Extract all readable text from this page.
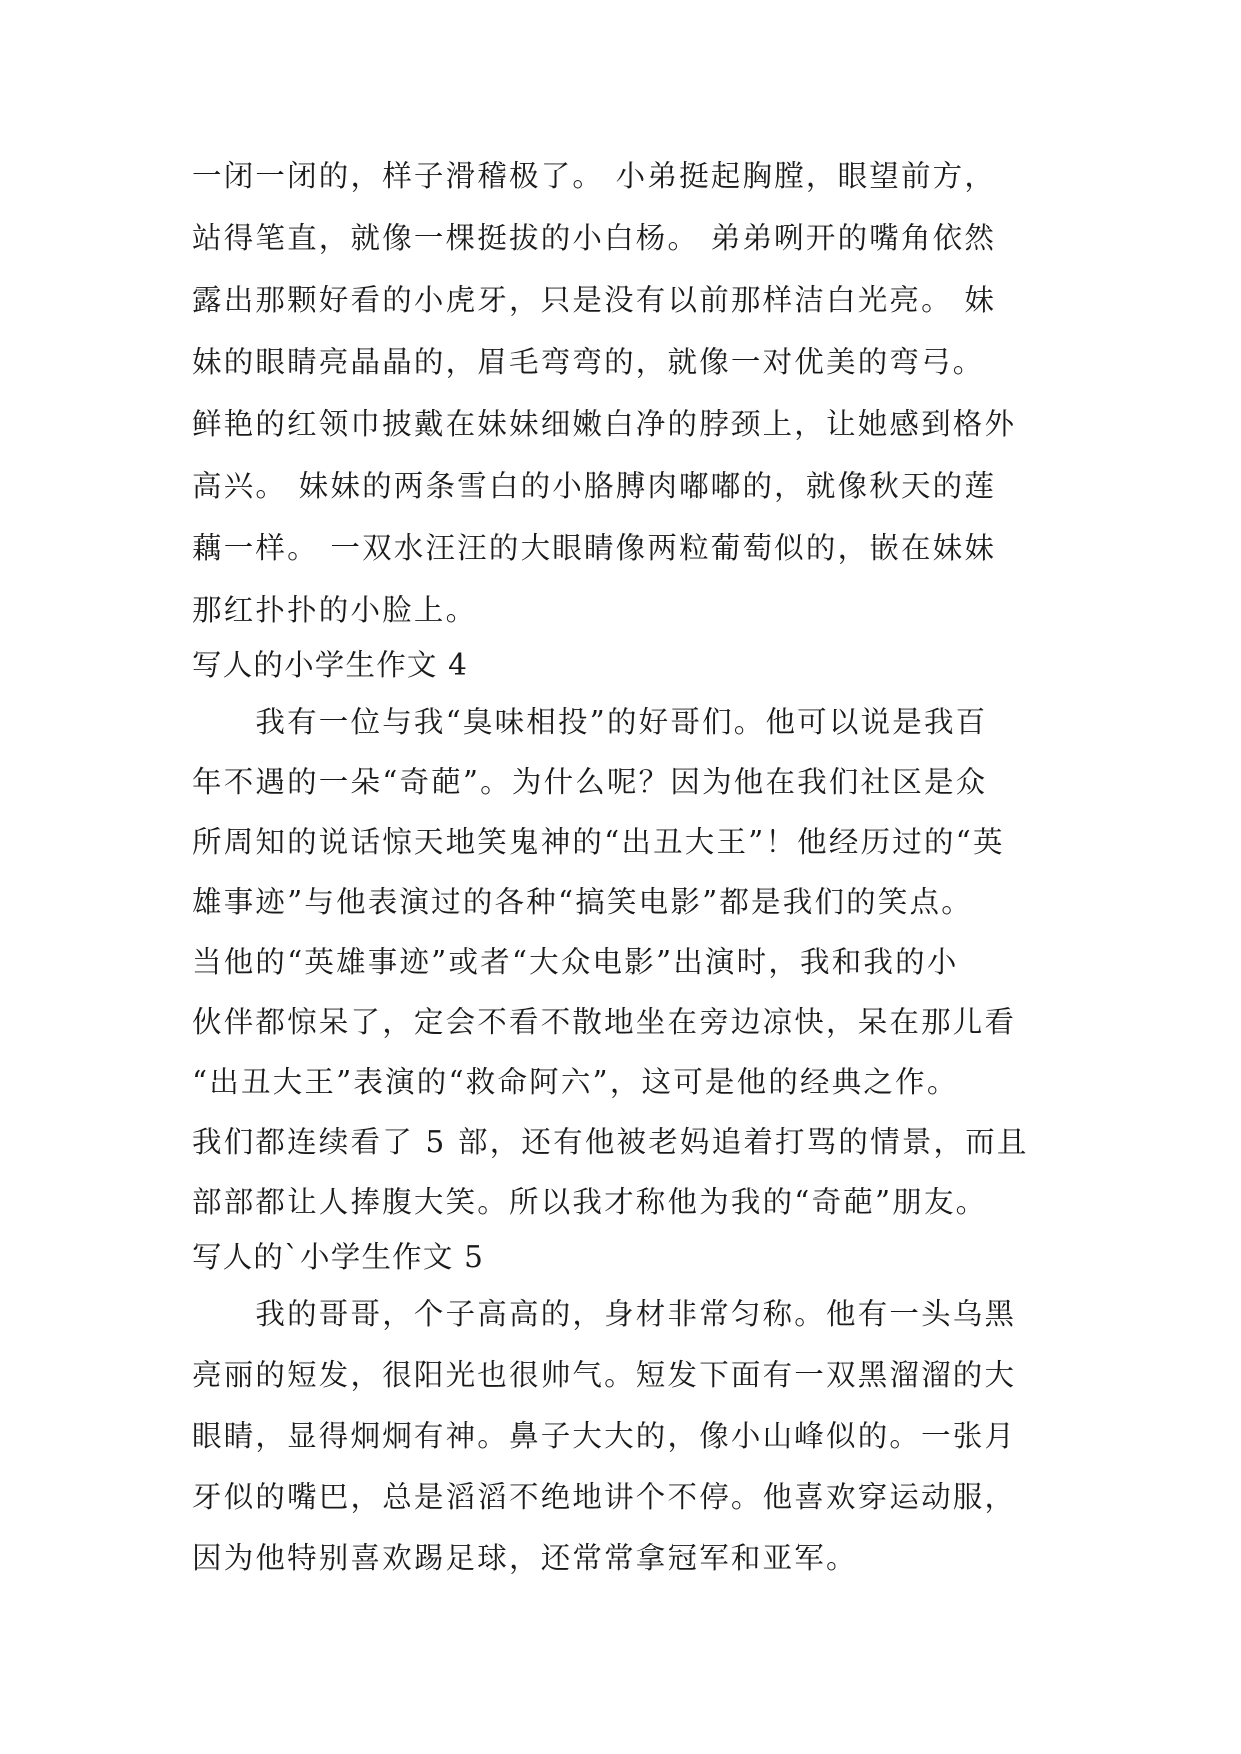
一闭一闭的，样子滑稽极了。 小弟挺起胸膛，眼望前方，
站得笔直，就像一棵挺拔的小白杨。 弟弟咧开的嘴角依然
露出那颗好看的小虎牙，只是没有以前那样洁白光亮。 妹
妹的眼睛亮晶晶的，眉毛弯弯的，就像一对优美的弯弓。
鲜艳的红领巾披戴在妹妹细嫩白净的脖颈上，让她感到格外
高兴。 妹妹的两条雪白的小胳膊肉嘟嘟的，就像秋天的莲
藕一样。 一双水汪汪的大眼睛像两粒葡萄似的，嵌在妹妹
那红扑扑的小脸上。
写人的小学生作文 4
　　我有一位与我“臭味相投”的好哥们。他可以说是我百
年不遇的一朵“奇葩”。为什么呢？因为他在我们社区是众
所周知的说话惊天地笑鬼神的“出丑大王”！他经历过的“英
雄事迹”与他表演过的各种“搞笑电影”都是我们的笑点。
当他的“英雄事迹”或者“大众电影”出演时，我和我的小
伙伴都惊呆了，定会不看不散地坐在旁边凉快，呆在那儿看
“出丑大王”表演的“救命阿六”，这可是他的经典之作。
我们都连续看了 5 部，还有他被老妈追着打骂的情景，而且
部部都让人捧腹大笑。所以我才称他为我的“奇葩”朋友。
写人的`小学生作文 5
　　我的哥哥，个子高高的，身材非常匀称。他有一头乌黑
亮丽的短发，很阳光也很帅气。短发下面有一双黑溜溜的大
眼睛，显得炯炯有神。鼻子大大的，像小山峰似的。一张月
牙似的嘴巴，总是滔滔不绝地讲个不停。他喜欢穿运动服，
因为他特别喜欢踢足球，还常常拿冠军和亚军。
